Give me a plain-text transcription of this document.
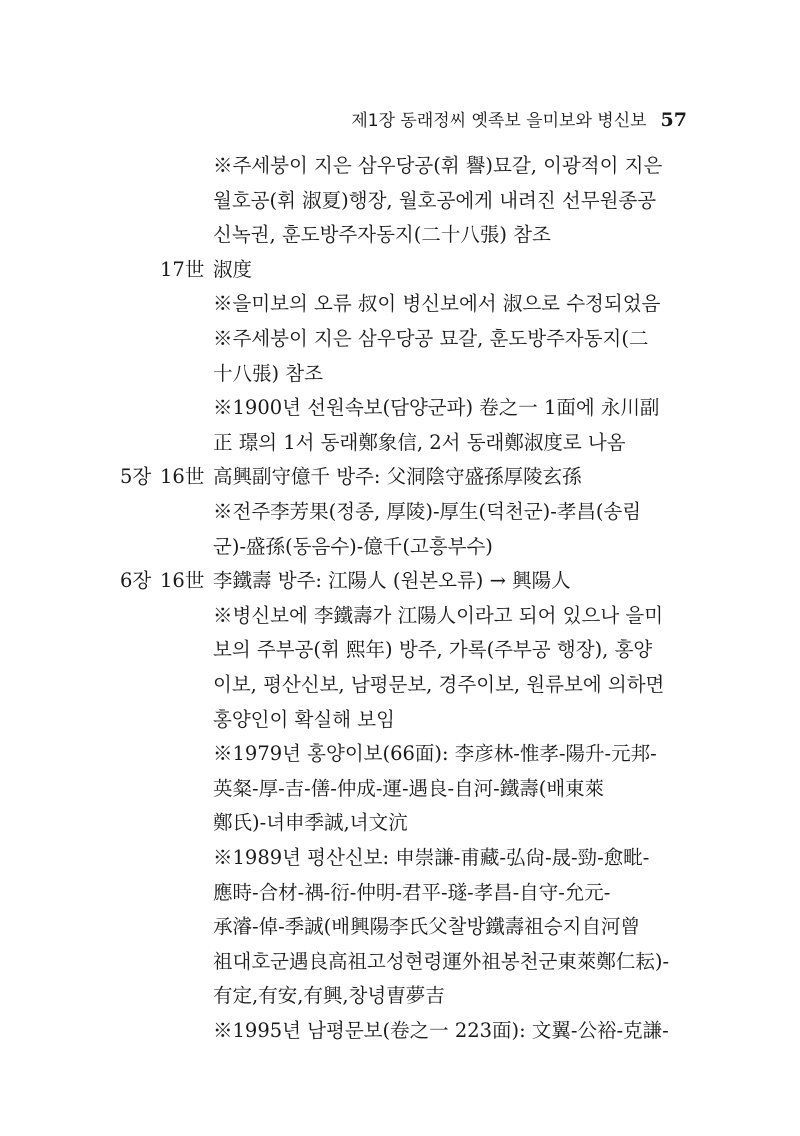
제1장 동래정씨 옛족보 을미보와 병신보 57
※주세붕이 지은 삼우당공(휘 譽)묘갈, 이광적이 지은
월호공(휘 淑夏)행장, 월호공에게 내려진 선무원종공
신녹권, 훈도방주자동지(二十八張) 참조
17世 淑度
※을미보의 오류 叔이 병신보에서 淑으로 수정되었음
※주세붕이 지은 삼우당공 묘갈, 훈도방주자동지(二
十八張) 참조
※1900년 선원속보(담양군파) 卷之一 1面에 永川副
正 璟의 1서 동래鄭象信, 2서 동래鄭淑度로 나옴
5장 16世 高興副守億千 방주: 父洞陰守盛孫厚陵玄孫
※전주李芳果(정종, 厚陵)-厚生(덕천군)-孝昌(송림
군)-盛孫(동음수)-億千(고흥부수)
6장 16世 李鐵壽 방주: 江陽人 (원본오류) → 興陽人
※병신보에 李鐵壽가 江陽人이라고 되어 있으나 을미
보의 주부공(휘 熙年) 방주, 가록(주부공 행장), 홍양
이보, 평산신보, 남평문보, 경주이보, 원류보에 의하면
홍양인이 확실해 보임
※1979년 홍양이보(66面): 李彦林-惟孝-陽升-元邦-
英粲-厚-吉-僐-仲成-運-遇良-自河-鐵壽(배東萊
鄭氏)-녀申季誠,녀文沆
※1989년 평산신보: 申崇謙-甫藏-弘尙-晟-勁-愈毗-
應時-合材-禑-衍-仲明-君平-璲-孝昌-自守-允元-
承濬-倬-季誠(배興陽李氏父찰방鐵壽祖승지自河曾
祖대호군遇良高祖고성현령運外祖봉천군東萊鄭仁耘)-
有定,有安,有興,창녕曺夢吉
※1995년 남평문보(卷之一 223面): 文翼-公裕-克謙-
